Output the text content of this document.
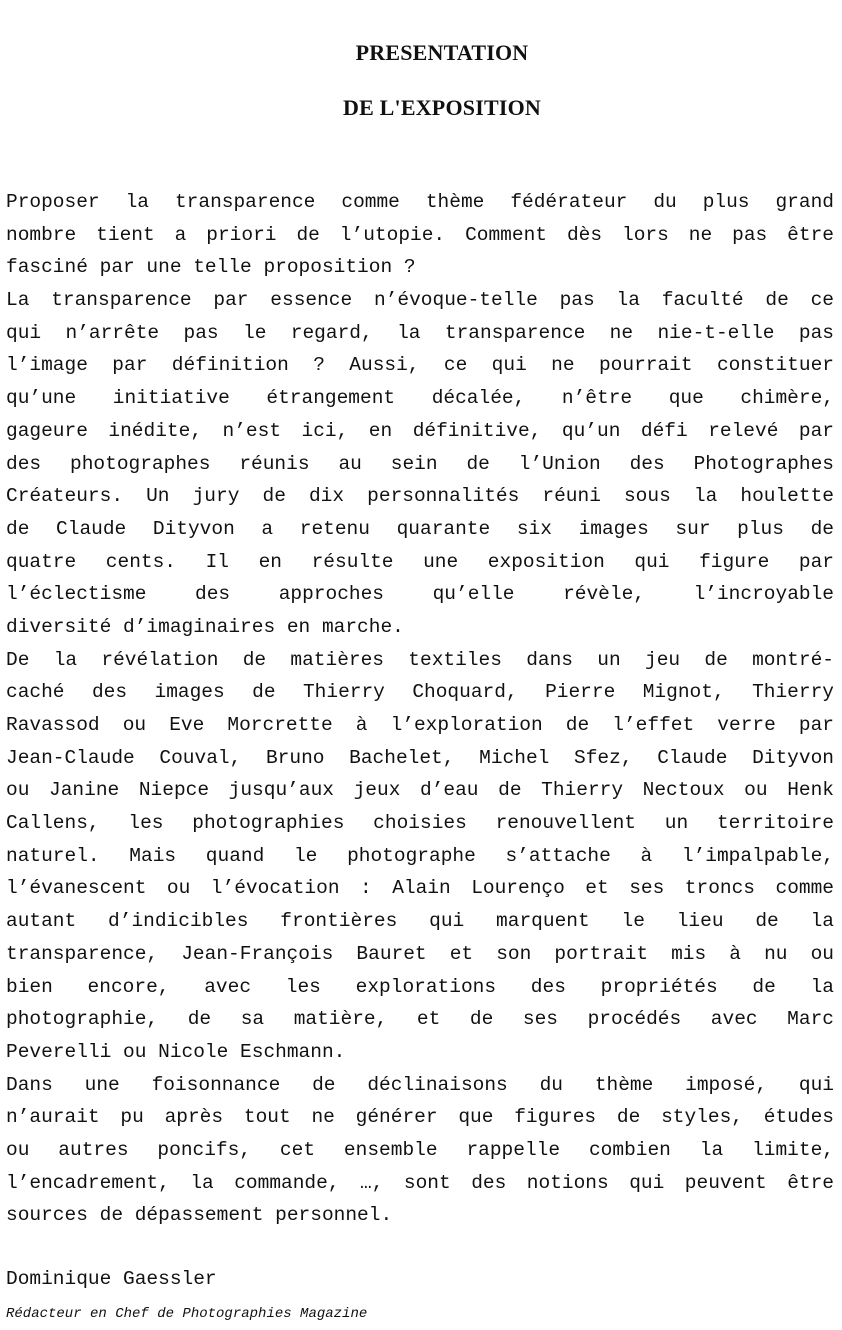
PRESENTATION
DE L'EXPOSITION
Proposer la transparence comme thème fédérateur du plus grand
nombre tient a priori de l’utopie. Comment dès lors ne pas être
fasciné par une telle proposition ?
La transparence par essence n’évoque-telle pas la faculté de ce
qui n’arrête pas le regard, la transparence ne nie-t-elle pas
l’image par définition ? Aussi, ce qui ne pourrait constituer
qu’une initiative étrangement décalée, n’être que chimère,
gageure inédite, n’est ici, en définitive, qu’un défi relevé par
des photographes réunis au sein de l’Union des Photographes
Créateurs. Un jury de dix personnalités réuni sous la houlette
de Claude Dityvon a retenu quarante six images sur plus de
quatre cents. Il en résulte une exposition qui figure par
l’éclectisme des approches qu’elle révèle, l’incroyable
diversité d’imaginaires en marche.
De la révélation de matières textiles dans un jeu de montré-
caché des images de Thierry Choquard, Pierre Mignot, Thierry
Ravassod ou Eve Morcrette à l’exploration de l’effet verre par
Jean-Claude Couval, Bruno Bachelet, Michel Sfez, Claude Dityvon
ou Janine Niepce jusqu’aux jeux d’eau de Thierry Nectoux ou Henk
Callens, les photographies choisies renouvellent un territoire
naturel. Mais quand le photographe s’attache à l’impalpable,
l’évanescent ou l’évocation : Alain Lourenço et ses troncs comme
autant d’indicibles frontières qui marquent le lieu de la
transparence, Jean-François Bauret et son portrait mis à nu ou
bien encore, avec les explorations des propriétés de la
photographie, de sa matière, et de ses procédés avec Marc
Peverelli ou Nicole Eschmann.
Dans une foisonnance de déclinaisons du thème imposé, qui
n’aurait pu après tout ne générer que figures de styles, études
ou autres poncifs, cet ensemble rappelle combien la limite,
l’encadrement, la commande, …, sont des notions qui peuvent être
sources de dépassement personnel.
Dominique Gaessler
Rédacteur en Chef de Photographies Magazine
